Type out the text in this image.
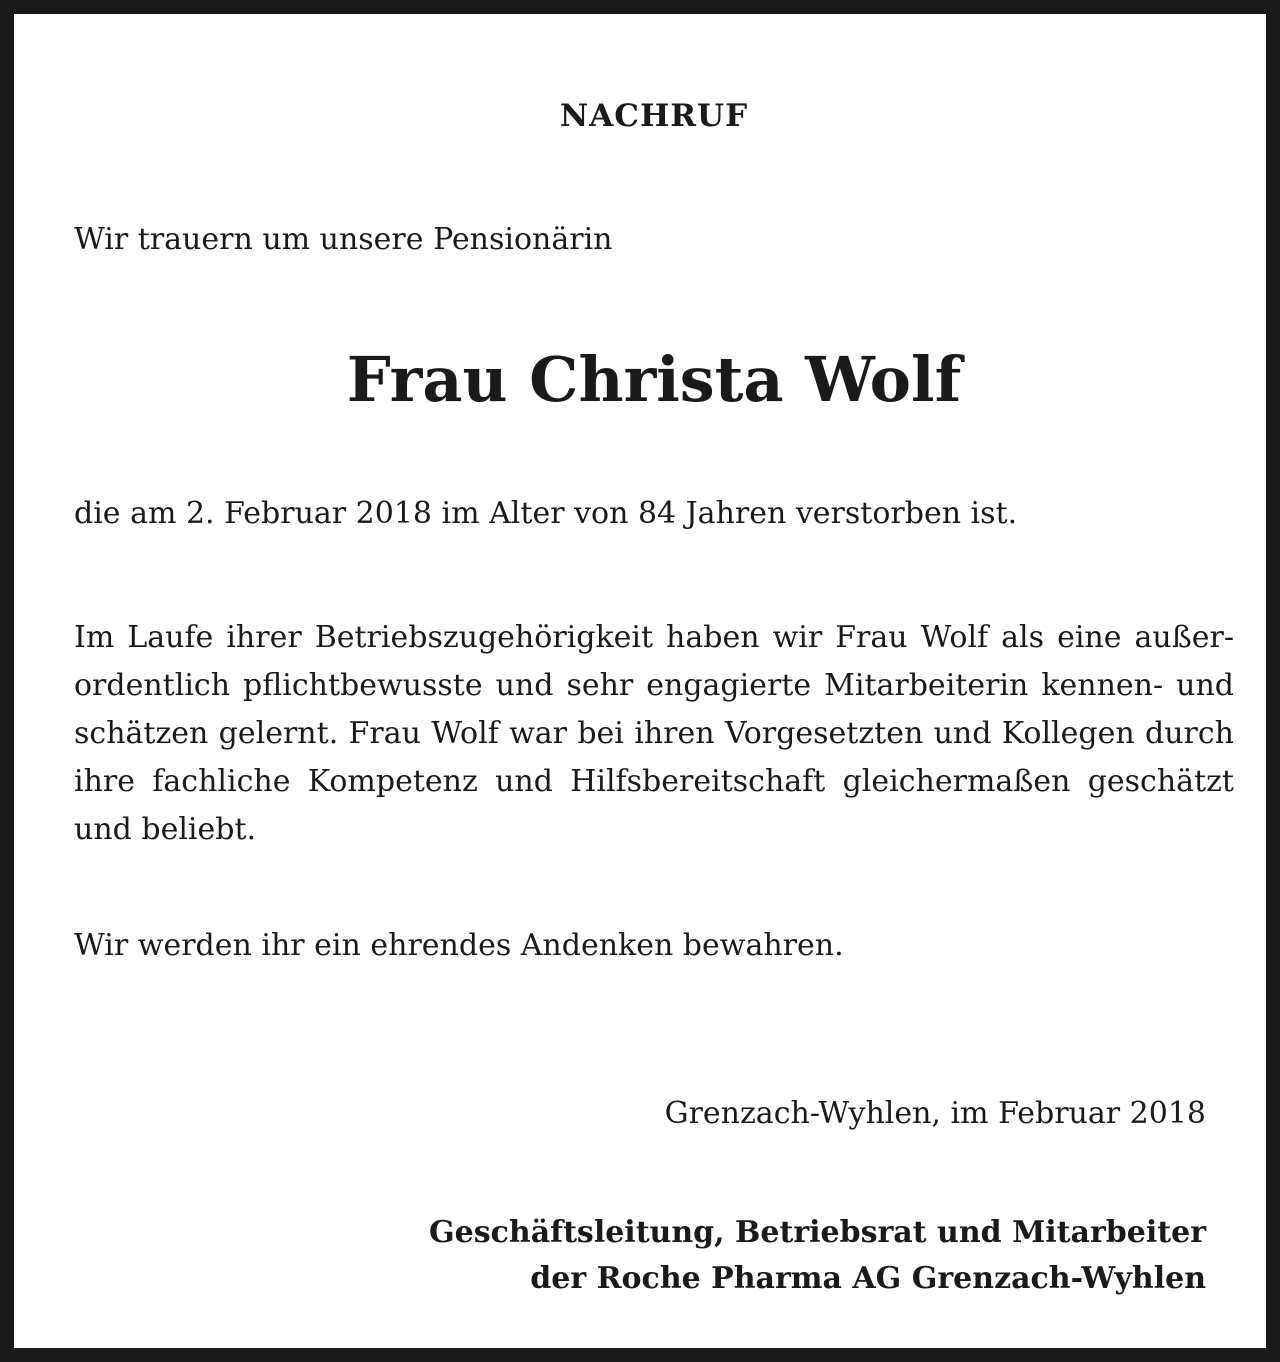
NACHRUF
Wir trauern um unsere Pensionärin
Frau Christa Wolf
die am 2. Februar 2018 im Alter von 84 Jahren verstorben ist.
Im Laufe ihrer Betriebszugehörigkeit haben wir Frau Wolf als eine außerordentlich pflichtbewusste und sehr engagierte Mitarbeiterin kennen- und schätzen gelernt. Frau Wolf war bei ihren Vorgesetzten und Kollegen durch ihre fachliche Kompetenz und Hilfsbereitschaft gleichermaßen geschätzt und beliebt.
Wir werden ihr ein ehrendes Andenken bewahren.
Grenzach-Wyhlen, im Februar 2018
Geschäftsleitung, Betriebsrat und Mitarbeiter
der Roche Pharma AG Grenzach-Wyhlen
